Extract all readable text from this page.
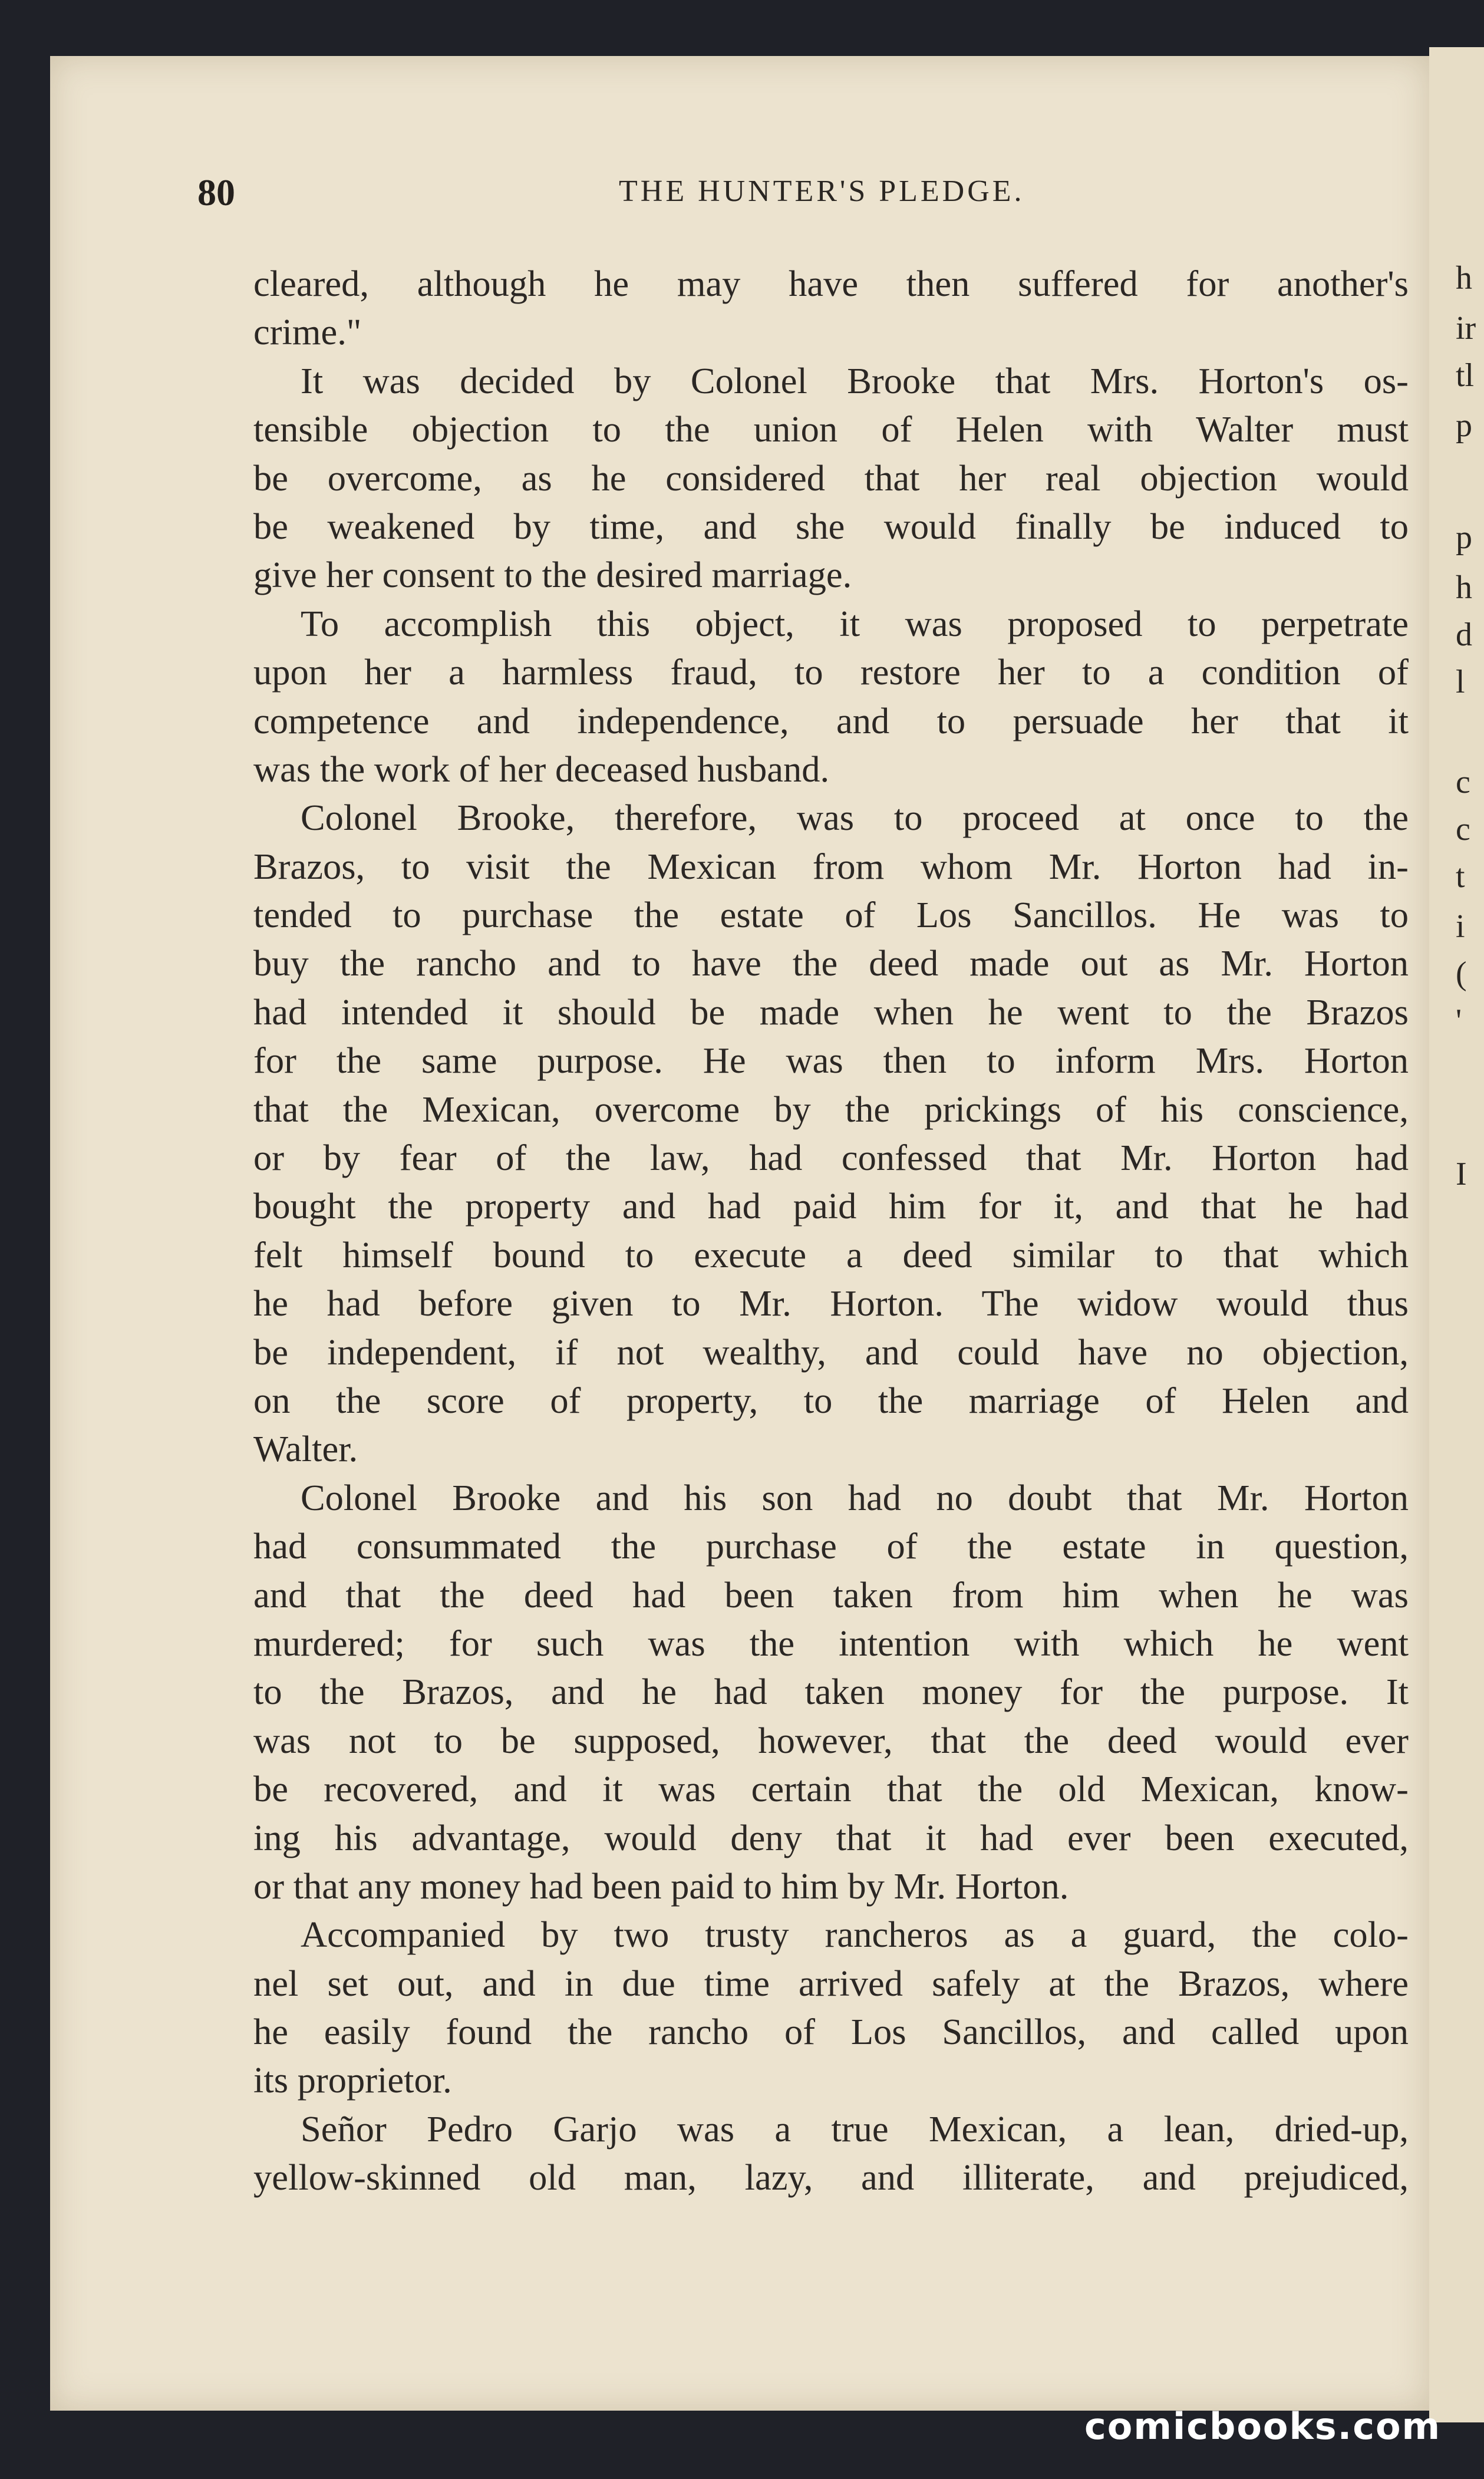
80	THE HUNTER'S PLEDGE.
cleared, although he may have then suffered for another's
crime."
It was decided by Colonel Brooke that Mrs. Horton's os-
tensible objection to the union of Helen with Walter must
be overcome, as he considered that her real objection would
be weakened by time, and she would finally be induced to
give her consent to the desired marriage.
To accomplish this object, it was proposed to perpetrate
upon her a harmless fraud, to restore her to a condition of
competence and independence, and to persuade her that it
was the work of her deceased husband.
Colonel Brooke, therefore, was to proceed at once to the
Brazos, to visit the Mexican from whom Mr. Horton had in-
tended to purchase the estate of Los Sancillos. He was to
buy the rancho and to have the deed made out as Mr. Horton
had intended it should be made when he went to the Brazos
for the same purpose. He was then to inform Mrs. Horton
that the Mexican, overcome by the prickings of his conscience,
or by fear of the law, had confessed that Mr. Horton had
bought the property and had paid him for it, and that he had
felt himself bound to execute a deed similar to that which
he had before given to Mr. Horton. The widow would thus
be independent, if not wealthy, and could have no objection,
on the score of property, to the marriage of Helen and
Walter.
Colonel Brooke and his son had no doubt that Mr. Horton
had consummated the purchase of the estate in question,
and that the deed had been taken from him when he was
murdered; for such was the intention with which he went
to the Brazos, and he had taken money for the purpose. It
was not to be supposed, however, that the deed would ever
be recovered, and it was certain that the old Mexican, know-
ing his advantage, would deny that it had ever been executed,
or that any money had been paid to him by Mr. Horton.
Accompanied by two trusty rancheros as a guard, the colo-
nel set out, and in due time arrived safely at the Brazos, where
he easily found the rancho of Los Sancillos, and called upon
its proprietor.
Señor Pedro Garjo was a true Mexican, a lean, dried-up,
yellow-skinned old man, lazy, and illiterate, and prejudiced,
comicbooks.com
h
ir
tl
p
p
h
d
l
c
c
t
i
(
'
I
